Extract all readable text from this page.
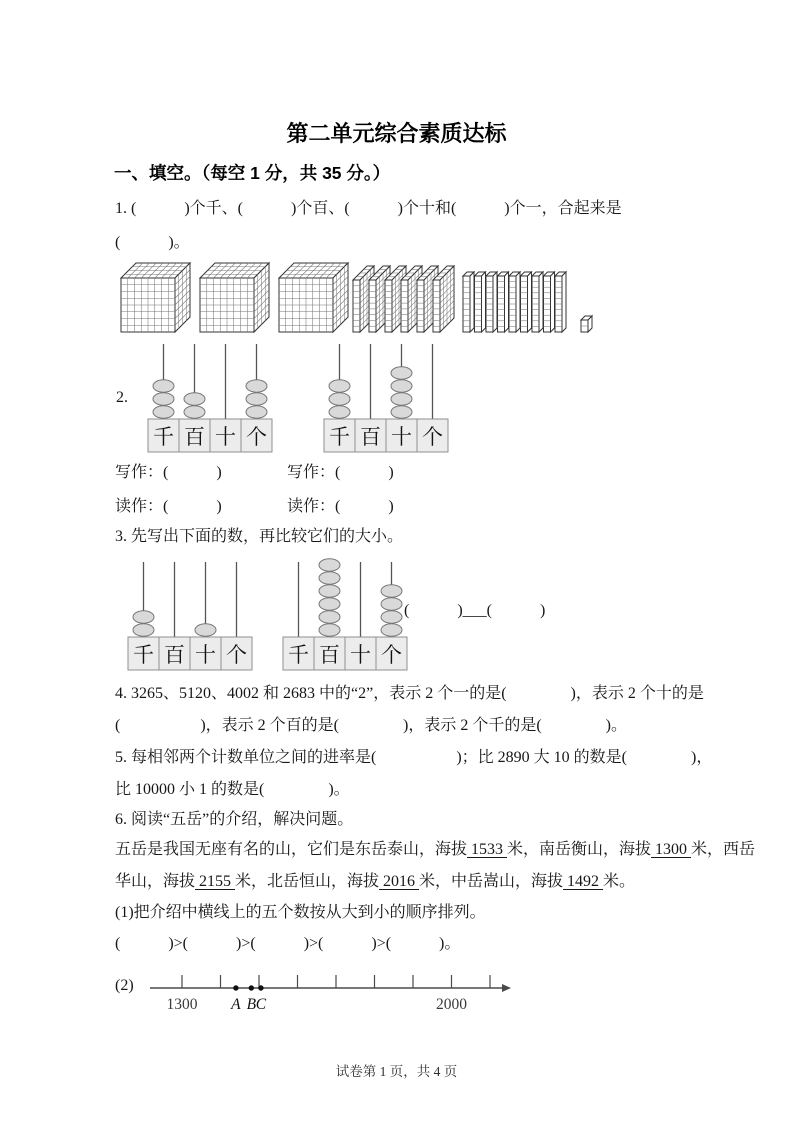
第二单元综合素质达标
一、填空。（每空 1 分，共 35 分。）
1. (　　　)个千、(　　　)个百、(　　　)个十和(　　　)个一，合起来是
(　　　)。
2.
千 百 十 个	千 百 十 个
写作：(　　　)	写作：(　　　)
读作：(　　　)	读作：(　　　)
3. 先写出下面的数，再比较它们的大小。
千 百 十 个 千 百 十 个
(　　　)___(　　　)
4. 3265、5120、4002 和 2683 中的“2”，表示 2 个一的是(　　　　)，表示 2 个十的是
(　　　　　)，表示 2 个百的是(　　　　)，表示 2 个千的是(　　　　)。
5. 每相邻两个计数单位之间的进率是(　　　　　)；比 2890 大 10 的数是(　　　　)，
比 10000 小 1 的数是(　　　　)。
6. 阅读“五岳”的介绍，解决问题。
五岳是我国无座有名的山，它们是东岳泰山，海拔 1533 米，南岳衡山，海拔 1300 米，西岳
华山，海拔 2155 米，北岳恒山，海拔 2016 米，中岳嵩山，海拔 1492 米。
(1)把介绍中横线上的五个数按从大到小的顺序排列。
(　　　)>(　　　)>(　　　)>(　　　)>(　　　)。
(2)
1300	2000
A B C
试卷第 1 页，共 4 页
